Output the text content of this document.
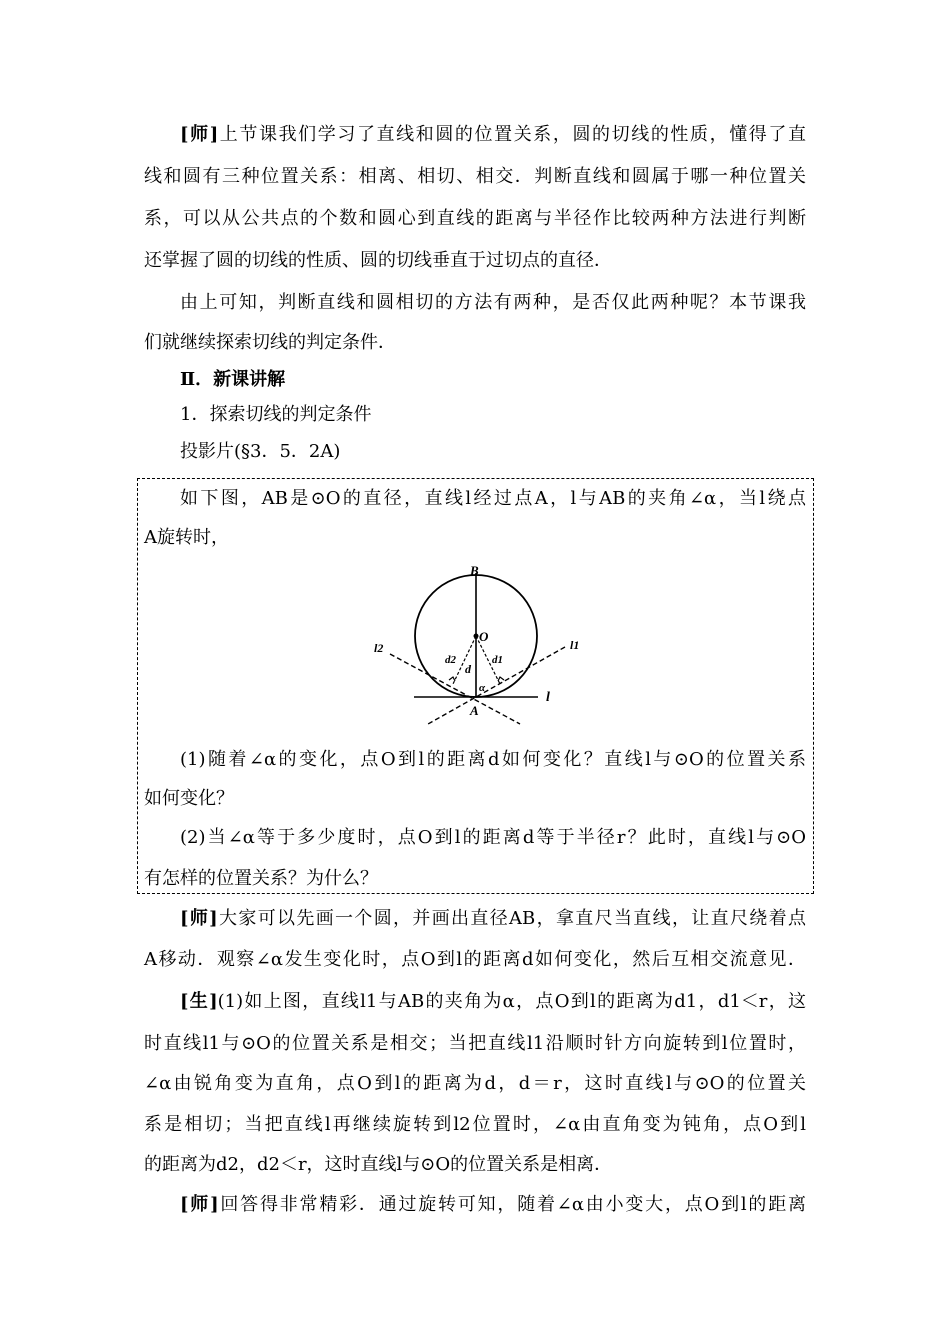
[师]上节课我们学习了直线和圆的位置关系，圆的切线的性质，懂得了直
线和圆有三种位置关系：相离、相切、相交．判断直线和圆属于哪一种位置关
系，可以从公共点的个数和圆心到直线的距离与半径作比较两种方法进行判断
还掌握了圆的切线的性质、圆的切线垂直于过切点的直径．
由上可知，判断直线和圆相切的方法有两种，是否仅此两种呢？本节课我
们就继续探索切线的判定条件．
Ⅱ．新课讲解
1．探索切线的判定条件
投影片(§3．5．2A)
如下图，AB是⊙O的直径，直线l经过点A，l与AB的夹角∠α，当l绕点
A旋转时，
B
O
A
l
l1
l2
d
d1
d2
α
(1)随着∠α的变化，点O到l的距离d如何变化？直线l与⊙O的位置关系
如何变化？
(2)当∠α等于多少度时，点O到l的距离d等于半径r？此时，直线l与⊙O
有怎样的位置关系？为什么？
[师]大家可以先画一个圆，并画出直径AB，拿直尺当直线，让直尺绕着点
A移动．观察∠α发生变化时，点O到l的距离d如何变化，然后互相交流意见．
[生](1)如上图，直线l1与AB的夹角为α，点O到l的距离为d1，d1＜r，这
时直线l1与⊙O的位置关系是相交；当把直线l1沿顺时针方向旋转到l位置时，
∠α由锐角变为直角，点O到l的距离为d，d＝r，这时直线l与⊙O的位置关
系是相切；当把直线l再继续旋转到l2位置时，∠α由直角变为钝角，点O到l
的距离为d2，d2＜r，这时直线l与⊙O的位置关系是相离．
[师]回答得非常精彩．通过旋转可知，随着∠α由小变大，点O到l的距离
